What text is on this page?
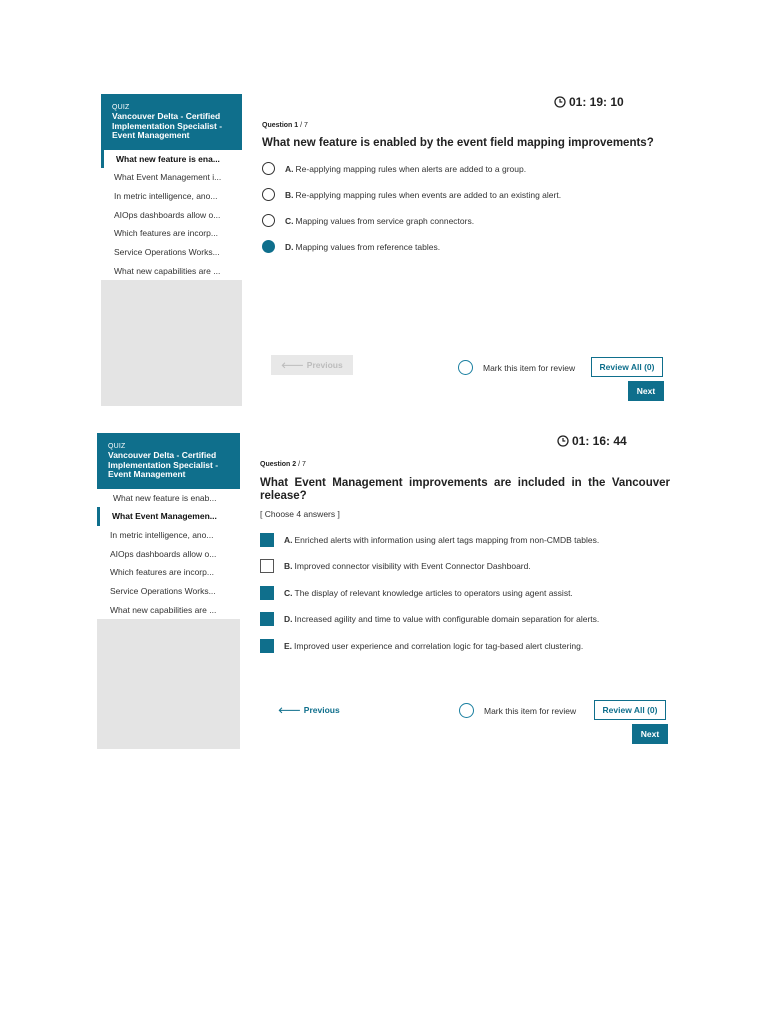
QUIZ
Vancouver Delta - Certified Implementation Specialist - Event Management
What new feature is ena...
What Event Management i...
In metric intelligence, ano...
AIOps dashboards allow o...
Which features are incorp...
Service Operations Works...
What new capabilities are ...
01: 19: 10
Question 1 / 7
What new feature is enabled by the event field mapping improvements?
A. Re-applying mapping rules when alerts are added to a group.
B. Re-applying mapping rules when events are added to an existing alert.
C. Mapping values from service graph connectors.
D. Mapping values from reference tables.
🡐 Previous	Mark this item for review	Review All (0)
Next
QUIZ
Vancouver Delta - Certified Implementation Specialist - Event Management
What new feature is enab...
What Event Managemen...
In metric intelligence, ano...
AIOps dashboards allow o...
Which features are incorp...
Service Operations Works...
What new capabilities are ...
01: 16: 44
Question 2 / 7
What Event Management improvements are included in the Vancouver release?
[ Choose 4 answers ]
A. Enriched alerts with information using alert tags mapping from non-CMDB tables.
B. Improved connector visibility with Event Connector Dashboard.
C. The display of relevant knowledge articles to operators using agent assist.
D. Increased agility and time to value with configurable domain separation for alerts.
E. Improved user experience and correlation logic for tag-based alert clustering.
🡐 Previous	Mark this item for review	Review All (0)
Next
